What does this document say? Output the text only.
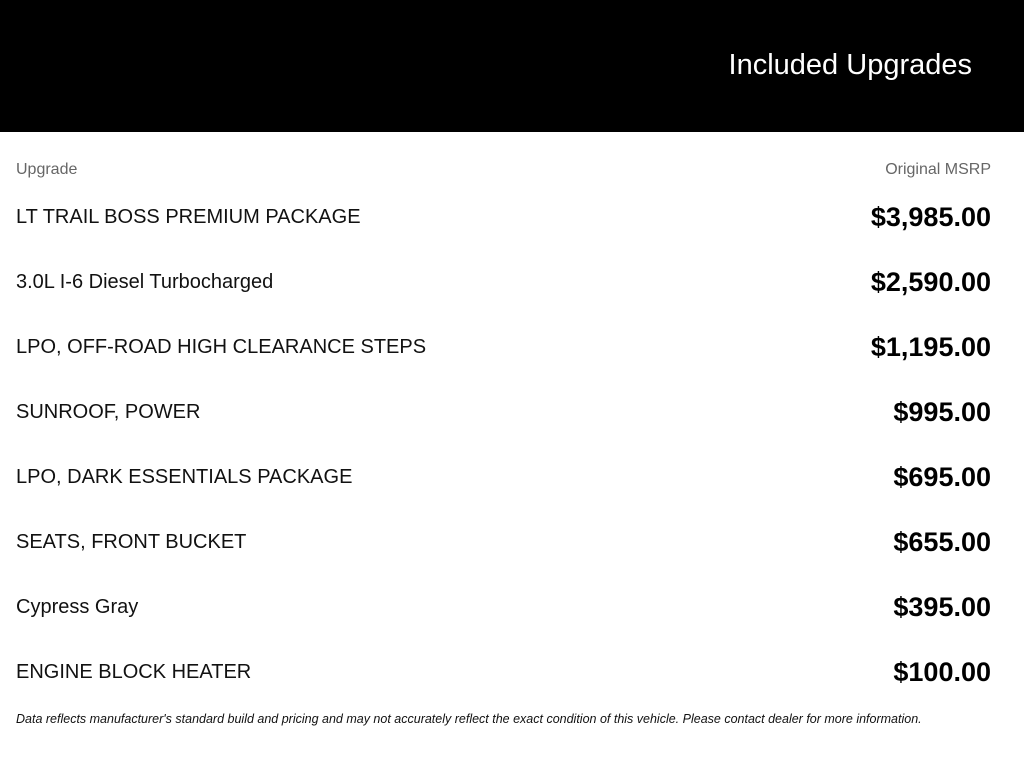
Included Upgrades
Upgrade	Original MSRP
LT TRAIL BOSS PREMIUM PACKAGE	$3,985.00
3.0L I-6 Diesel Turbocharged	$2,590.00
LPO, OFF-ROAD HIGH CLEARANCE STEPS	$1,195.00
SUNROOF, POWER	$995.00
LPO, DARK ESSENTIALS PACKAGE	$695.00
SEATS, FRONT BUCKET	$655.00
Cypress Gray	$395.00
ENGINE BLOCK HEATER	$100.00
Data reflects manufacturer's standard build and pricing and may not accurately reflect the exact condition of this vehicle. Please contact dealer for more information.
